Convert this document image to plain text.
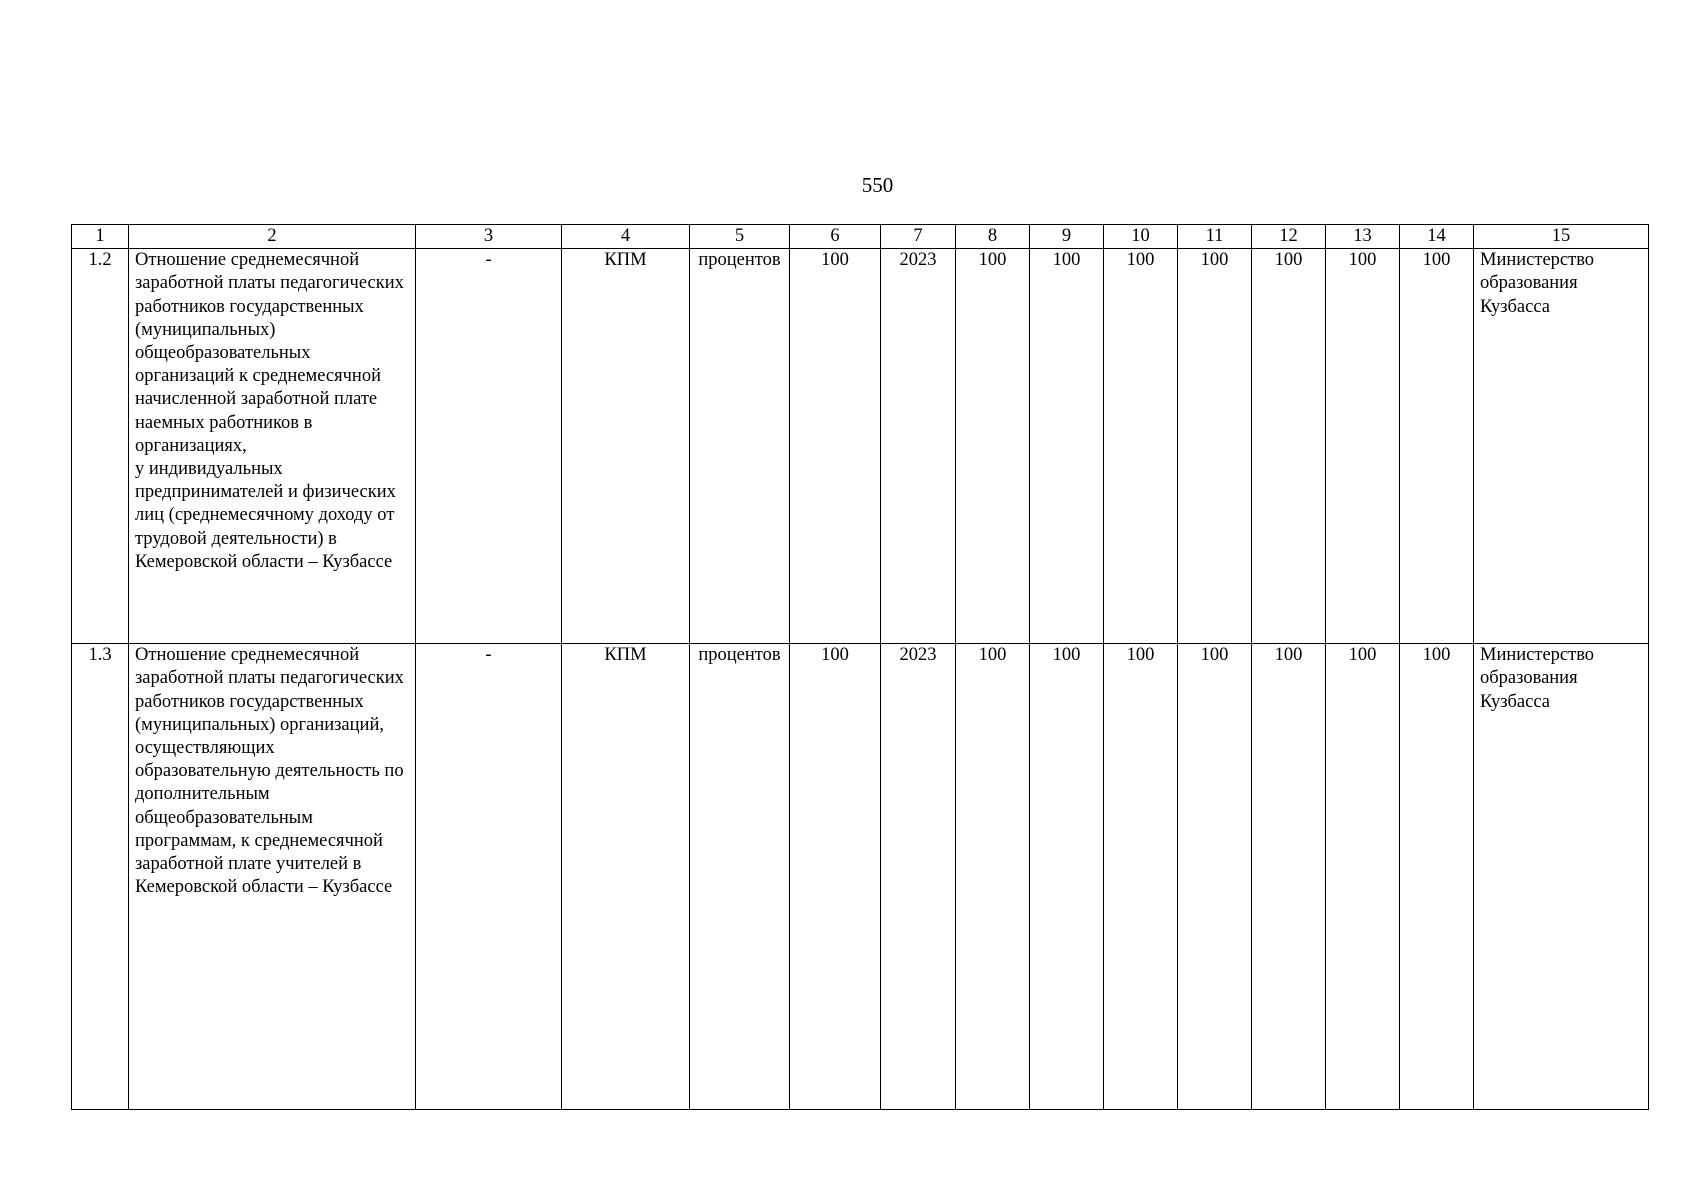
550
1	2	3	4	5	6	7	8	9	10	11	12	13	14	15
1.2	Отношение среднемесячной заработной платы педагогических работников государственных (муниципальных) общеобразовательных организаций к среднемесячной начисленной заработной плате наемных работников в организациях,
у индивидуальных предпринимателей и физических лиц (среднемесячному доходу от трудовой деятельности) в Кемеровской области – Кузбассе	-	КПМ	процентов	100	2023	100	100	100	100	100	100	100	Министерство образования Кузбасса
1.3	Отношение среднемесячной заработной платы педагогических работников государственных (муниципальных) организаций, осуществляющих образовательную деятельность по дополнительным общеобразовательным программам, к среднемесячной заработной плате учителей в Кемеровской области – Кузбассе	-	КПМ	процентов	100	2023	100	100	100	100	100	100	100	Министерство образования Кузбасса
